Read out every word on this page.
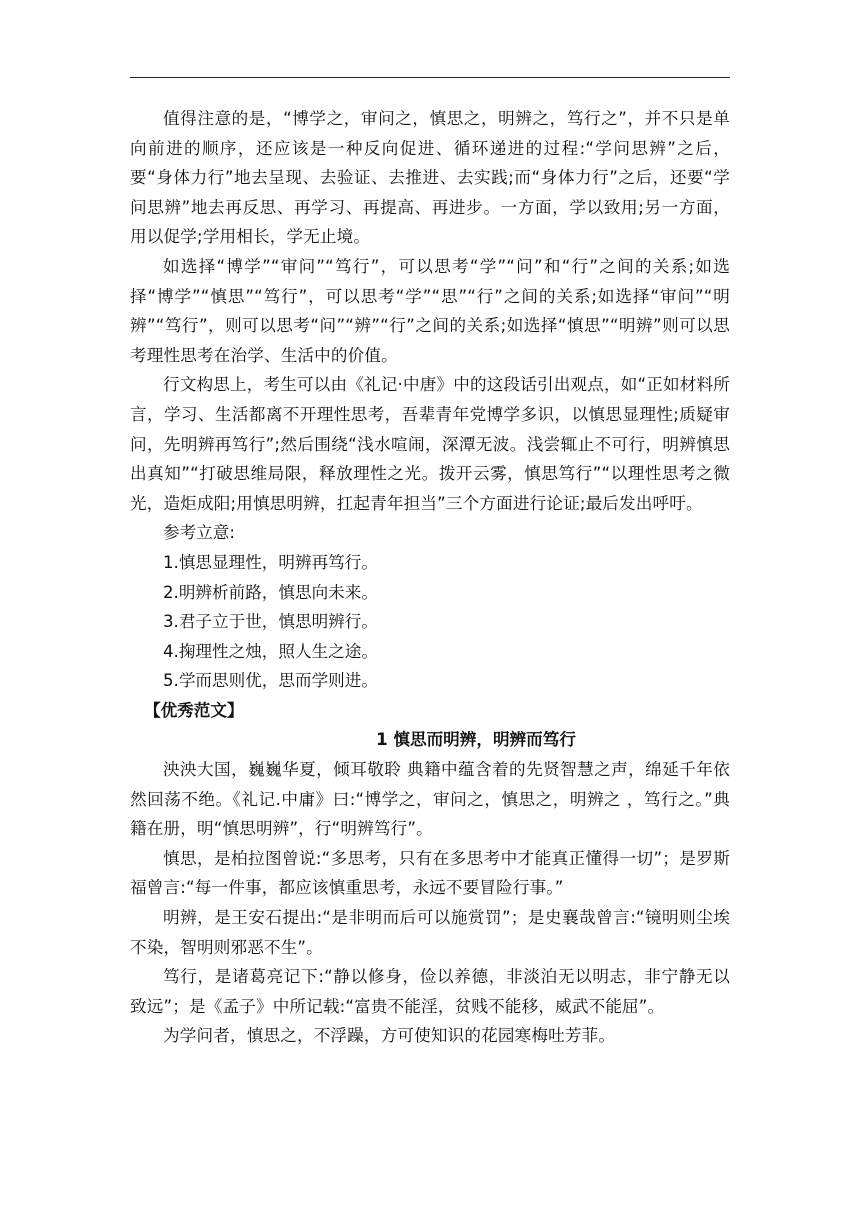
值得注意的是，“博学之，审问之，慎思之，明辨之，笃行之”，并不只是单向前进的顺序，还应该是一种反向促进、循环递进的过程:“学问思辨”之后，要“身体力行”地去呈现、去验证、去推进、去实践;而“身体力行”之后，还要“学问思辨”地去再反思、再学习、再提高、再进步。一方面，学以致用;另一方面，用以促学;学用相长，学无止境。

如选择“博学”“审问”“笃行”，可以思考“学”“问”和“行”之间的关系;如选择“博学”“慎思”“笃行”，可以思考“学”“思”“行”之间的关系;如选择“审问”“明辨”“笃行”，则可以思考“问”“辨”“行”之间的关系;如选择“慎思”“明辨”则可以思考理性思考在治学、生活中的价值。

行文构思上，考生可以由《礼记·中唐》中的这段话引出观点，如“正如材料所言，学习、生活都离不开理性思考，吾辈青年党博学多识，以慎思显理性;质疑审问，先明辨再笃行”;然后围绕“浅水喧闹，深潭无波。浅尝辄止不可行，明辨慎思出真知”“打破思维局限，释放理性之光。拨开云雾，慎思笃行”“以理性思考之微光，造炬成阳;用慎思明辨，扛起青年担当”三个方面进行论证;最后发出呼吁。

参考立意:

1.慎思显理性，明辨再笃行。

2.明辨析前路，慎思向未来。

3.君子立于世，慎思明辨行。

4.掬理性之烛，照人生之途。

5.学而思则优，思而学则进。

【优秀范文】

1 慎思而明辨，明辨而笃行

泱泱大国，巍巍华夏，倾耳敬聆 典籍中蕴含着的先贤智慧之声，绵延千年依然回荡不绝。《礼记.中庸》曰:“博学之，审问之，慎思之，明辨之 ，笃行之。”典籍在册，明“慎思明辨”，行“明辨笃行”。

慎思，是柏拉图曾说:“多思考，只有在多思考中才能真正懂得一切”；是罗斯福曾言:“每一件事，都应该慎重思考，永远不要冒险行事。”

明辨，是王安石提出:“是非明而后可以施赏罚”；是史襄哉曾言:“镜明则尘埃不染，智明则邪恶不生”。

笃行，是诸葛亮记下:“静以修身，俭以养德，非淡泊无以明志，非宁静无以致远”；是《孟子》中所记载:“富贵不能淫，贫贱不能移，威武不能屈”。

为学问者，慎思之，不浮躁，方可使知识的花园寒梅吐芳菲。
